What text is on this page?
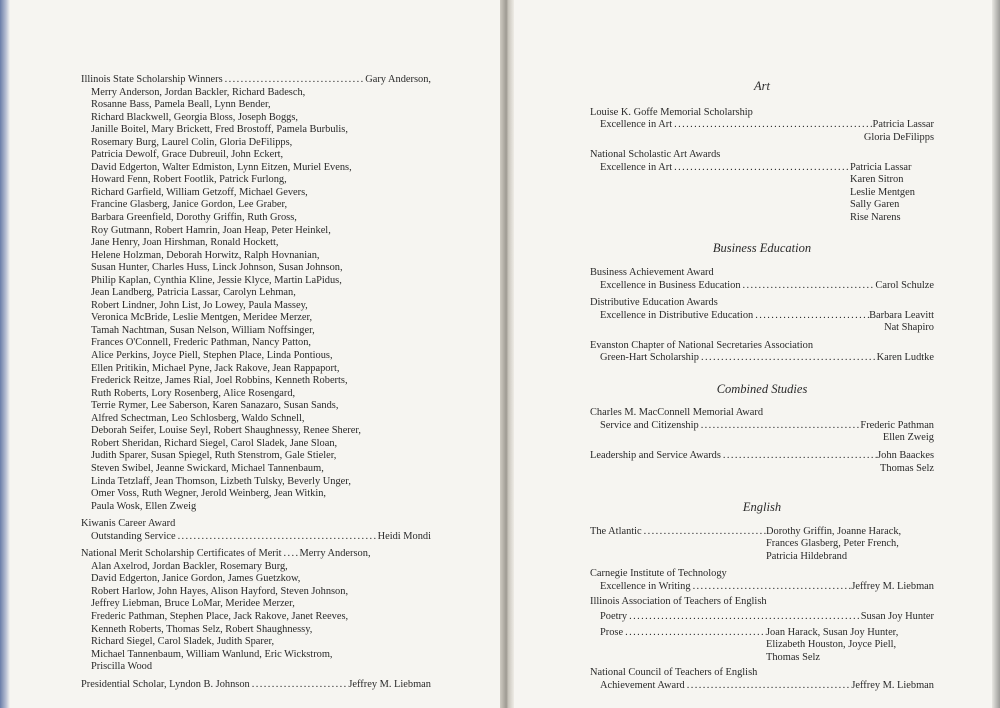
Illinois State Scholarship Winners .....	Gary Anderson,
Merry Anderson, Jordan Backler, Richard Badesch,
Rosanne Bass, Pamela Beall, Lynn Bender,
Richard Blackwell, Georgia Bloss, Joseph Boggs,
Janille Boitel, Mary Brickett, Fred Brostoff, Pamela Burbulis,
Rosemary Burg, Laurel Colin, Gloria DeFilipps,
Patricia Dewolf, Grace Dubreuil, John Eckert,
David Edgerton, Walter Edmiston, Lynn Eitzen, Muriel Evens,
Howard Fenn, Robert Footlik, Patrick Furlong,
Richard Garfield, William Getzoff, Michael Gevers,
Francine Glasberg, Janice Gordon, Lee Graber,
Barbara Greenfield, Dorothy Griffin, Ruth Gross,
Roy Gutmann, Robert Hamrin, Joan Heap, Peter Heinkel,
Jane Henry, Joan Hirshman, Ronald Hockett,
Helene Holzman, Deborah Horwitz, Ralph Hovnanian,
Susan Hunter, Charles Huss, Linck Johnson, Susan Johnson,
Philip Kaplan, Cynthia Kline, Jessie Klyce, Martin LaPidus,
Jean Landberg, Patricia Lassar, Carolyn Lehman,
Robert Lindner, John List, Jo Lowey, Paula Massey,
Veronica McBride, Leslie Mentgen, Meridee Merzer,
Tamah Nachtman, Susan Nelson, William Noffsinger,
Frances O'Connell, Frederic Pathman, Nancy Patton,
Alice Perkins, Joyce Piell, Stephen Place, Linda Pontious,
Ellen Pritikin, Michael Pyne, Jack Rakove, Jean Rappaport,
Frederick Reitze, James Rial, Joel Robbins, Kenneth Roberts,
Ruth Roberts, Lory Rosenberg, Alice Rosengard,
Terrie Rymer, Lee Saberson, Karen Sanazaro, Susan Sands,
Alfred Schectman, Leo Schlosberg, Waldo Schnell,
Deborah Seifer, Louise Seyl, Robert Shaughnessy, Renee Sherer,
Robert Sheridan, Richard Siegel, Carol Sladek, Jane Sloan,
Judith Sparer, Susan Spiegel, Ruth Stenstrom, Gale Stieler,
Steven Swibel, Jeanne Swickard, Michael Tannenbaum,
Linda Tetzlaff, Jean Thomson, Lizbeth Tulsky, Beverly Unger,
Omer Voss, Ruth Wegner, Jerold Weinberg, Jean Witkin,
Paula Wosk, Ellen Zweig
Kiwanis Career Award
Outstanding Service .....	Heidi Mondi
National Merit Scholarship Certificates of Merit ..... Merry Anderson,
Alan Axelrod, Jordan Backler, Rosemary Burg,
David Edgerton, Janice Gordon, James Guetzkow,
Robert Harlow, John Hayes, Alison Hayford, Steven Johnson,
Jeffrey Liebman, Bruce LoMar, Meridee Merzer,
Frederic Pathman, Stephen Place, Jack Rakove, Janet Reeves,
Kenneth Roberts, Thomas Selz, Robert Shaughnessy,
Richard Siegel, Carol Sladek, Judith Sparer,
Michael Tannenbaum, William Wanlund, Eric Wickstrom,
Priscilla Wood
Presidential Scholar, Lyndon B. Johnson .....	Jeffrey M. Liebman
Art
Louise K. Goffe Memorial Scholarship
Excellence in Art .....	Patricia Lassar
Gloria DeFilipps
National Scholastic Art Awards
Excellence in Art .....	Patricia Lassar
Karen Sitron
Leslie Mentgen
Sally Garen
Rise Narens
Business Education
Business Achievement Award
Excellence in Business Education .....	Carol Schulze
Distributive Education Awards
Excellence in Distributive Education .....	Barbara Leavitt
Nat Shapiro
Evanston Chapter of National Secretaries Association
Green-Hart Scholarship .....	Karen Ludtke
Combined Studies
Charles M. MacConnell Memorial Award
Service and Citizenship .....	Frederic Pathman
Ellen Zweig
Leadership and Service Awards .....	John Baackes
Thomas Selz
English
The Atlantic .....	Dorothy Griffin, Joanne Harack,
Frances Glasberg, Peter French,
Patricia Hildebrand
Carnegie Institute of Technology
Excellence in Writing .....	Jeffrey M. Liebman
Illinois Association of Teachers of English
Poetry .....	Susan Joy Hunter
Prose .....	Joan Harack, Susan Joy Hunter,
Elizabeth Houston, Joyce Piell,
Thomas Selz
National Council of Teachers of English
Achievement Award .....	Jeffrey M. Liebman
